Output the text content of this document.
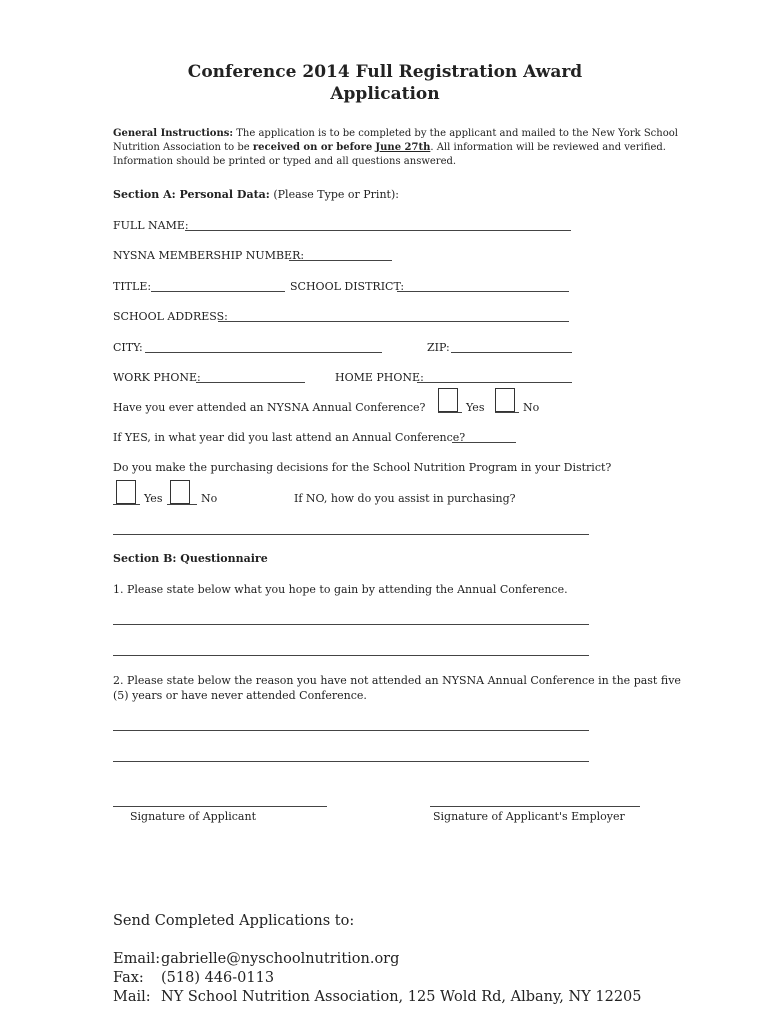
Conference 2014 Full Registration Award
Application
General Instructions: The application is to be completed by the applicant and mailed to the New York School
Nutrition Association to be received on or before June 27th. All information will be reviewed and verified.
Information should be printed or typed and all questions answered.
Section A: Personal Data: (Please Type or Print):
FULL NAME:
NYSNA MEMBERSHIP NUMBER:
TITLE:	SCHOOL DISTRICT:
SCHOOL ADDRESS:
CITY:	ZIP:
WORK PHONE:	HOME PHONE:
Have you ever attended an NYSNA Annual Conference?	Yes	No
If YES, in what year did you last attend an Annual Conference?
Do you make the purchasing decisions for the School Nutrition Program in your District?
Yes	No	If NO, how do you assist in purchasing?
Section B: Questionnaire
1. Please state below what you hope to gain by attending the Annual Conference.
2. Please state below the reason you have not attended an NYSNA Annual Conference in the past five
(5) years or have never attended Conference.
Signature of Applicant	Signature of Applicant's Employer
Send Completed Applications to:
Email:gabrielle@nyschoolnutrition.org
Fax: (518) 446-0113
Mail: NY School Nutrition Association, 125 Wold Rd, Albany, NY 12205
